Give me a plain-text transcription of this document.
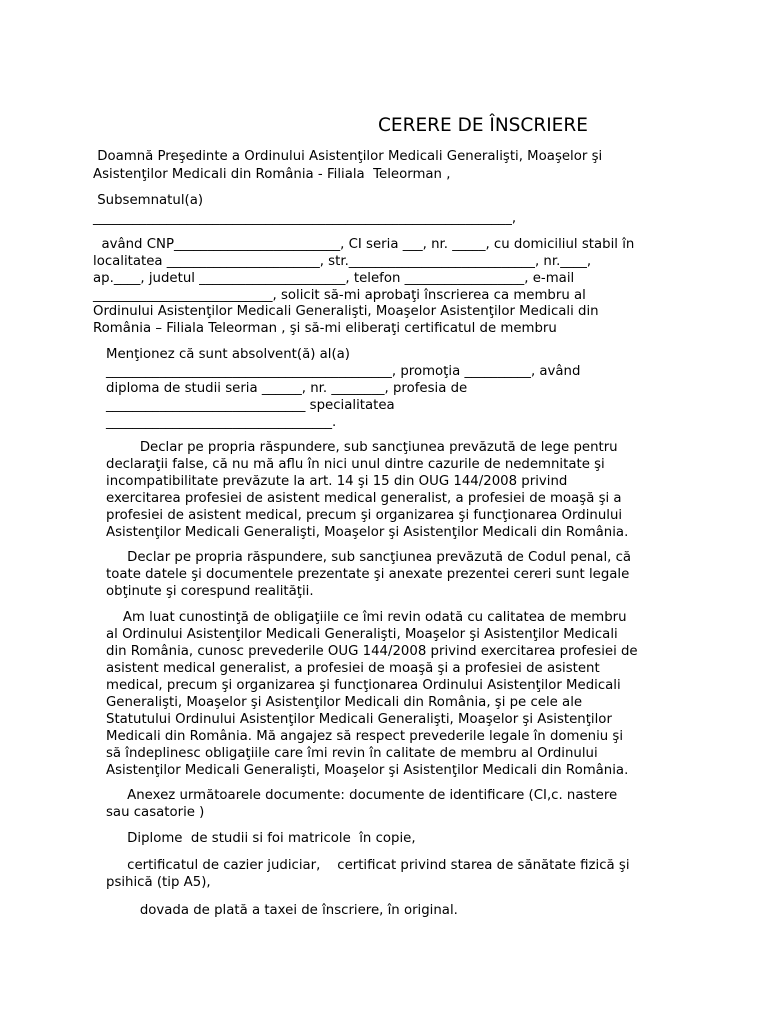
CERERE DE ÎNSCRIERE

Doamnă Preşedinte a Ordinului Asistenţilor Medicali Generalişti, Moaşelor şi

Asistenţilor Medicali din România - Filiala  Teleorman ,

Subsemnatul(a)

_______________________________________________________________,

având CNP_________________________, CI seria ___, nr. _____, cu domiciliul stabil în

localitatea _______________________, str.____________________________, nr.____,

ap.____, judetul ______________________, telefon __________________, e-mail

___________________________, solicit să-mi aprobaţi înscrierea ca membru al

Ordinului Asistenţilor Medicali Generalişti, Moaşelor Asistenţilor Medicali din

România – Filiala Teleorman , şi să-mi eliberaţi certificatul de membru

Menţionez că sunt absolvent(ă) al(a)

___________________________________________, promoţia __________, având

diploma de studii seria ______, nr. ________, profesia de

______________________________ specialitatea

__________________________________.

Declar pe propria răspundere, sub sancţiunea prevăzută de lege pentru

declaraţii false, că nu mă aflu în nici unul dintre cazurile de nedemnitate şi

incompatibilitate prevăzute la art. 14 şi 15 din OUG 144/2008 privind

exercitarea profesiei de asistent medical generalist, a profesiei de moaşă şi a

profesiei de asistent medical, precum şi organizarea şi funcţionarea Ordinului

Asistenţilor Medicali Generalişti, Moaşelor şi Asistenţilor Medicali din România.

Declar pe propria răspundere, sub sancţiunea prevăzută de Codul penal, că

toate datele şi documentele prezentate şi anexate prezentei cereri sunt legale

obţinute şi corespund realităţii.

Am luat cunostinţă de obligaţiile ce îmi revin odată cu calitatea de membru

al Ordinului Asistenţilor Medicali Generalişti, Moaşelor şi Asistenţilor Medicali

din România, cunosc prevederile OUG 144/2008 privind exercitarea profesiei de

asistent medical generalist, a profesiei de moaşă şi a profesiei de asistent

medical, precum şi organizarea şi funcţionarea Ordinului Asistenţilor Medicali

Generalişti, Moaşelor şi Asistenţilor Medicali din România, şi pe cele ale

Statutului Ordinului Asistenţilor Medicali Generalişti, Moaşelor şi Asistenţilor

Medicali din România. Mă angajez să respect prevederile legale în domeniu şi

să îndeplinesc obligaţiile care îmi revin în calitate de membru al Ordinului

Asistenţilor Medicali Generalişti, Moaşelor şi Asistenţilor Medicali din România.

Anexez următoarele documente: documente de identificare (CI,c. nastere

sau casatorie )

Diplome  de studii si foi matricole  în copie,

certificatul de cazier judiciar,    certificat privind starea de sănătate fizică şi

psihică (tip A5),

dovada de plată a taxei de înscriere, în original.
